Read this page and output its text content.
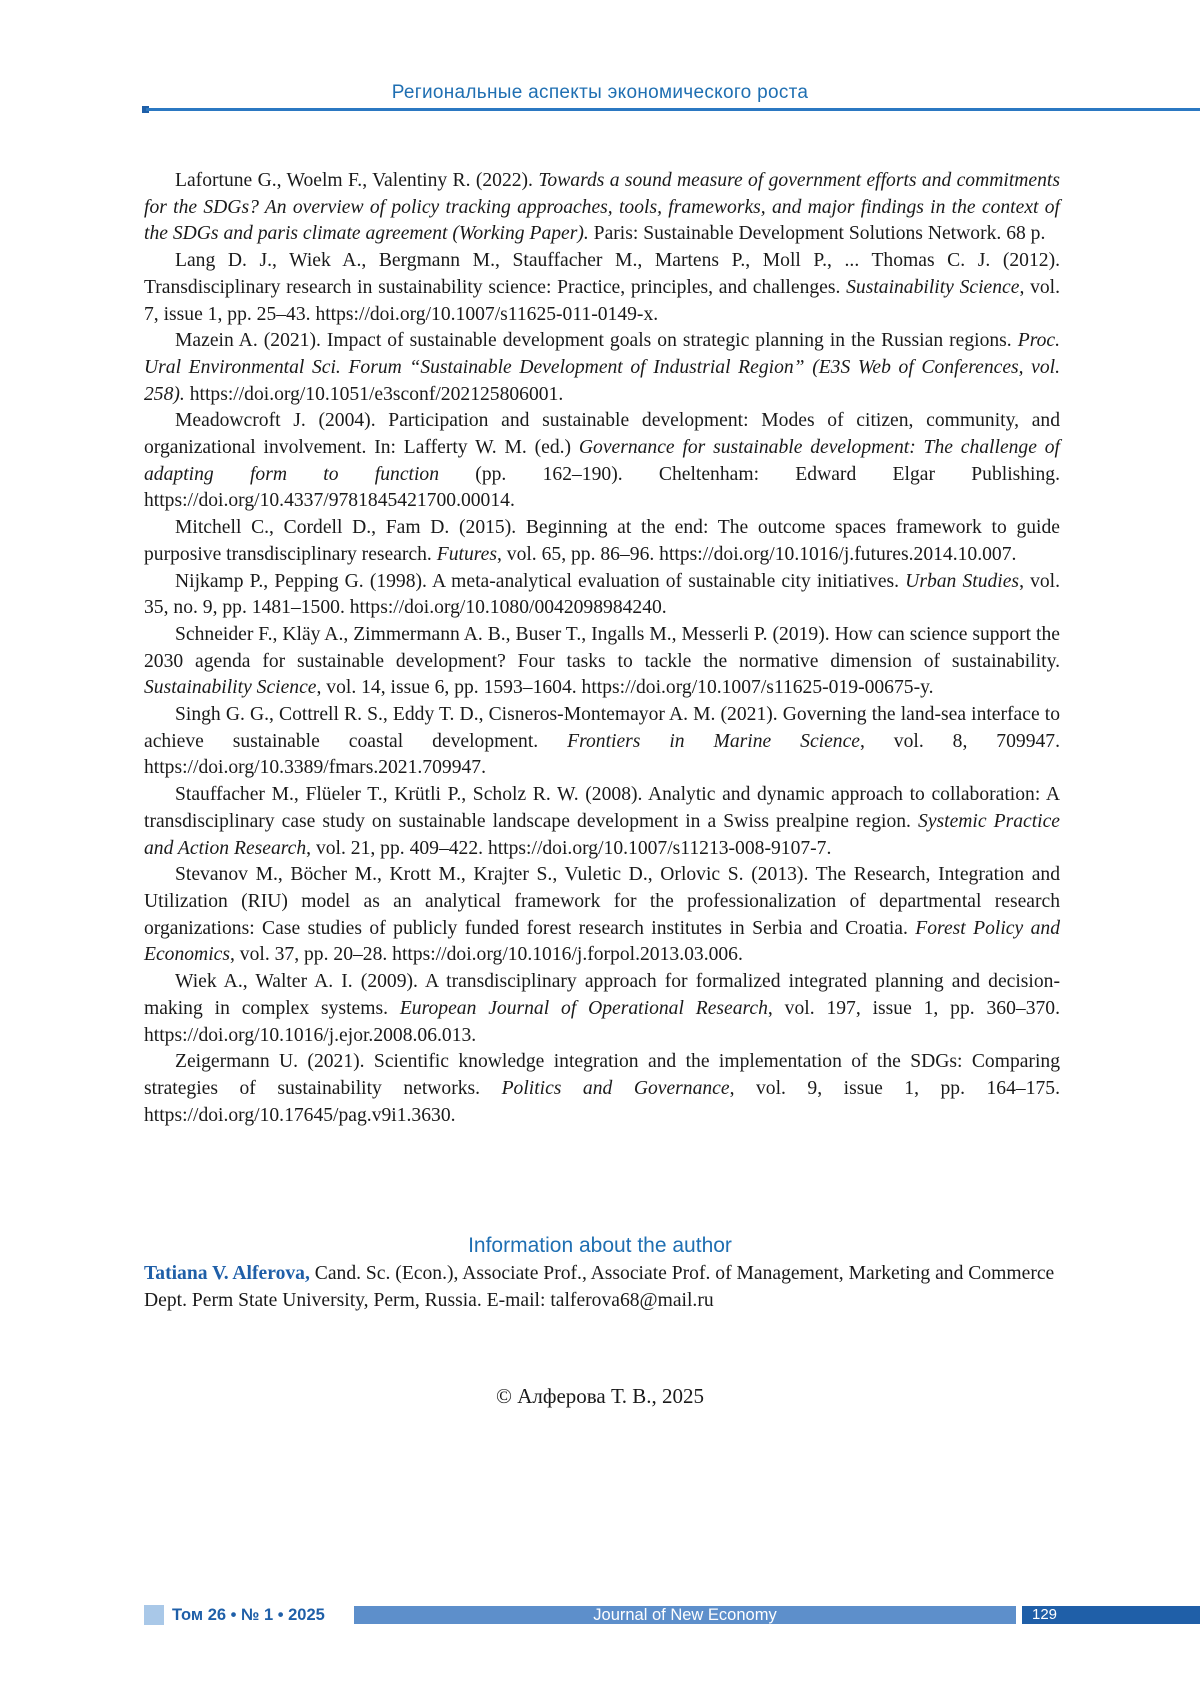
Региональные аспекты экономического роста

Lafortune G., Woelm F., Valentiny R. (2022). Towards a sound measure of government efforts and commitments for the SDGs? An overview of policy tracking approaches, tools, frameworks, and major findings in the context of the SDGs and paris climate agreement (Working Paper). Paris: Sustainable Development Solutions Network. 68 p.

Lang D. J., Wiek A., Bergmann M., Stauffacher M., Martens P., Moll P., ... Thomas C. J. (2012). Transdisciplinary research in sustainability science: Practice, principles, and challenges. Sustainability Science, vol. 7, issue 1, pp. 25–43. https://doi.org/10.1007/s11625-011-0149-x.

Mazein A. (2021). Impact of sustainable development goals on strategic planning in the Russian regions. Proc. Ural Environmental Sci. Forum “Sustainable Development of Industrial Region” (E3S Web of Conferences, vol. 258). https://doi.org/10.1051/e3sconf/202125806001.

Meadowcroft J. (2004). Participation and sustainable development: Modes of citizen, community, and organizational involvement. In: Lafferty W. M. (ed.) Governance for sustainable development: The challenge of adapting form to function (pp. 162–190). Cheltenham: Edward Elgar Publishing. https://doi.org/10.4337/9781845421700.00014.

Mitchell C., Cordell D., Fam D. (2015). Beginning at the end: The outcome spaces framework to guide purposive transdisciplinary research. Futures, vol. 65, pp. 86–96. https://doi.org/10.1016/j.futures.2014.10.007.

Nijkamp P., Pepping G. (1998). A meta-analytical evaluation of sustainable city initiatives. Urban Studies, vol. 35, no. 9, pp. 1481–1500. https://doi.org/10.1080/0042098984240.

Schneider F., Kläy A., Zimmermann A. B., Buser T., Ingalls M., Messerli P. (2019). How can science support the 2030 agenda for sustainable development? Four tasks to tackle the normative dimension of sustainability. Sustainability Science, vol. 14, issue 6, pp. 1593–1604. https://doi.org/10.1007/s11625-019-00675-y.

Singh G. G., Cottrell R. S., Eddy T. D., Cisneros-Montemayor A. M. (2021). Governing the land-sea interface to achieve sustainable coastal development. Frontiers in Marine Science, vol. 8, 709947. https://doi.org/10.3389/fmars.2021.709947.

Stauffacher M., Flüeler T., Krütli P., Scholz R. W. (2008). Analytic and dynamic approach to collaboration: A transdisciplinary case study on sustainable landscape development in a Swiss prealpine region. Systemic Practice and Action Research, vol. 21, pp. 409–422. https://doi.org/10.1007/s11213-008-9107-7.

Stevanov M., Böcher M., Krott M., Krajter S., Vuletic D., Orlovic S. (2013). The Research, Integration and Utilization (RIU) model as an analytical framework for the professionalization of departmental research organizations: Case studies of publicly funded forest research institutes in Serbia and Croatia. Forest Policy and Economics, vol. 37, pp. 20–28. https://doi.org/10.1016/j.forpol.2013.03.006.

Wiek A., Walter A. I. (2009). A transdisciplinary approach for formalized integrated planning and decision-making in complex systems. European Journal of Operational Research, vol. 197, issue 1, pp. 360–370. https://doi.org/10.1016/j.ejor.2008.06.013.

Zeigermann U. (2021). Scientific knowledge integration and the implementation of the SDGs: Comparing strategies of sustainability networks. Politics and Governance, vol. 9, issue 1, pp. 164–175. https://doi.org/10.17645/pag.v9i1.3630.

Information about the author
Tatiana V. Alferova, Cand. Sc. (Econ.), Associate Prof., Associate Prof. of Management, Marketing and Commerce Dept. Perm State University, Perm, Russia. E-mail: talferova68@mail.ru
© Алферова Т. В., 2025
Том 26 • № 1 • 2025	Journal of New Economy	129
